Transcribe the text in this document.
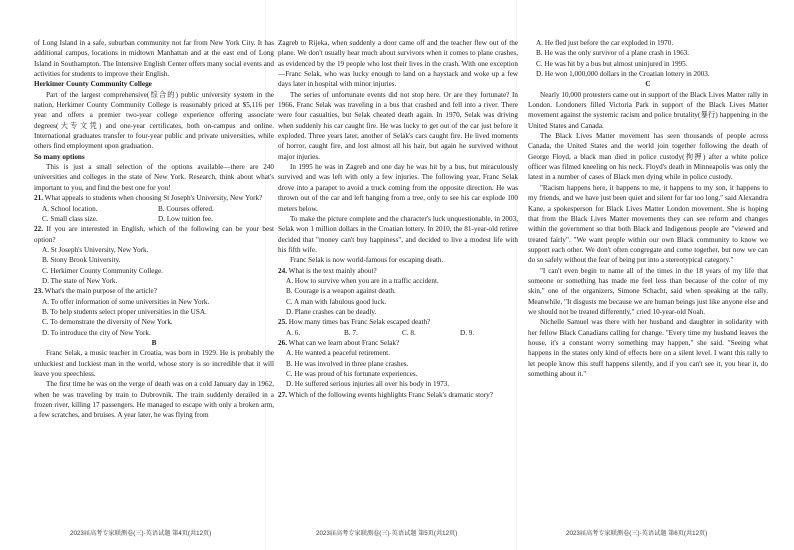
of Long Island in a safe, suburban community not far from New York City. It has additional campus, locations in midtown Manhattan and at the east end of Long Island in Southampton. The Intensive English Center offers many social events and activities for students to improve their English.

Herkimer County Community College

Part of the largest comprehensive(综合的) public university system in the nation, Herkimer County Community College is reasonably priced at $5,116 per year and offers a premier two-year college experience offering associate degrees(大专文凭) and one-year certificates, both on-campus and online. International graduates transfer to four-year public and private universities, while others find employment upon graduation.

So many options

This is just a small selection of the options available—there are 240 universities and colleges in the state of New York. Research, think about what's important to you, and find the best one for you!

21. What appeals to students when choosing St Joseph's University, New York?

A. School location.	B. Courses offered.
C. Small class size.	D. Low tuition fee.

22. If you are interested in English, which of the following can be your best option?

A. St Joseph's University, New York.

B. Stony Brook University.

C. Herkimer County Community College.

D. The state of New York.

23. What's the main purpose of the article?

A. To offer information of some universities in New York.

B. To help students select proper universities in the USA.

C. To demonstrate the diversity of New York.

D. To introduce the city of New York.

B

Franc Selak, a music teacher in Croatia, was born in 1929. He is probably the unluckiest and luckiest man in the world, whose story is so incredible that it will leave you speechless.

The first time he was on the verge of death was on a cold January day in 1962, when he was traveling by train to Dubrovnik. The train suddenly derailed in a frozen river, killing 17 passengers. He managed to escape with only a broken arm, a few scratches, and bruises. A year later, he was flying from

Zagreb to Rijeka, when suddenly a door came off and the teacher flew out of the plane. We don't usually hear much about survivors when it comes to plane crashes, as evidenced by the 19 people who lost their lives in the crash. With one exception—Franc Selak, who was lucky enough to land on a haystack and woke up a few days later in hospital with minor injuries.

The series of unfortunate events did not stop here. Or are they fortunate? In 1966, Franc Selak was traveling in a bus that crashed and fell into a river. There were four casualties, but Selak cheated death again. In 1970, Selak was driving when suddenly his car caught fire. He was lucky to get out of the car just before it exploded. Three years later, another of Selak's cars caught fire. He lived moments of horror, caught fire, and lost almost all his hair, but again he survived without major injuries.

In 1995 he was in Zagreb and one day he was hit by a bus, but miraculously survived and was left with only a few injuries. The following year, Franc Selak drove into a parapet to avoid a truck coming from the opposite direction. He was thrown out of the car and left hanging from a tree, only to see his car explode 100 meters below.

To make the picture complete and the character's luck unquestionable, in 2003, Selak won 1 million dollars in the Croatian lottery. In 2010, the 81-year-old retiree decided that "money can't buy happiness", and decided to live a modest life with his fifth wife.

Franc Selak is now world-famous for escaping death.

24. What is the text mainly about?

A. How to survive when you are in a traffic accident.

B. Courage is a weapon against death.

C. A man with fabulous good luck.

D. Plane crashes can be deadly.

25. How many times has Franc Selak escaped death?

A. 6.	B. 7.	C. 8.	D. 9.

26. What can we learn about Franc Selak?

A. He wanted a peaceful retirement.

B. He was involved in three plane crashes.

C. He was proud of his fortunate experiences.

D. He suffered serious injuries all over his body in 1973.

27. Which of the following events highlights Franc Selak's dramatic story?

A. He fled just before the car exploded in 1970.

B. He was the only survivor of a plane crash in 1963.

C. He was hit by a bus but almost uninjured in 1995.

D. He won 1,000,000 dollars in the Croatian lottery in 2003.

C

Nearly 10,000 protesters came out in support of the Black Lives Matter rally in London. Londoners filled Victoria Park in support of the Black Lives Matter movement against the systemic racism and police brutality(暴行) happening in the United States and Canada.

The Black Lives Matter movement has seen thousands of people across Canada, the United States and the world join together following the death of George Floyd, a black man died in police custody(拘押) after a white police officer was filmed kneeling on his neck. Floyd's death in Minneapolis was only the latest in a number of cases of Black men dying while in police custody.

"Racism happens here, it happens to me, it happens to my son, it happens to my friends, and we have just been quiet and silent for far too long," said Alexandra Kane, a spokesperson for Black Lives Matter London movement. She is hoping that from the Black Lives Matter movements they can see reform and changes within the government so that both Black and Indigenous people are "viewed and treated fairly". "We want people within our own Black community to know we support each other. We don't often congregate and come together, but now we can do so safely without the fear of being put into a stereotypical category."

"I can't even begin to name all of the times in the 18 years of my life that someone or something has made me feel less than because of the color of my skin," one of the organizers, Simone Schacht, said when speaking at the rally. Meanwhile, "It disgusts me because we are human beings just like anyone else and we should not be treated differently," cried 10-year-old Noah.

Nichelle Samuel was there with her husband and daughter in solidarity with her fellow Black Canadians calling for change. "Every time my husband leaves the house, it's a constant worry something may happen," she said. "Seeing what happens in the states only kind of effects here on a silent level. I want this rally to let people know this stuff happens silently, and if you can't see it, you hear it, do something about it."

2023届高考专家联测卷(三)·英语试题 第4页(共12页)	2023届高考专家联测卷(三)·英语试题 第5页(共12页)	2023届高考专家联测卷(三)·英语试题 第6页(共12页)
